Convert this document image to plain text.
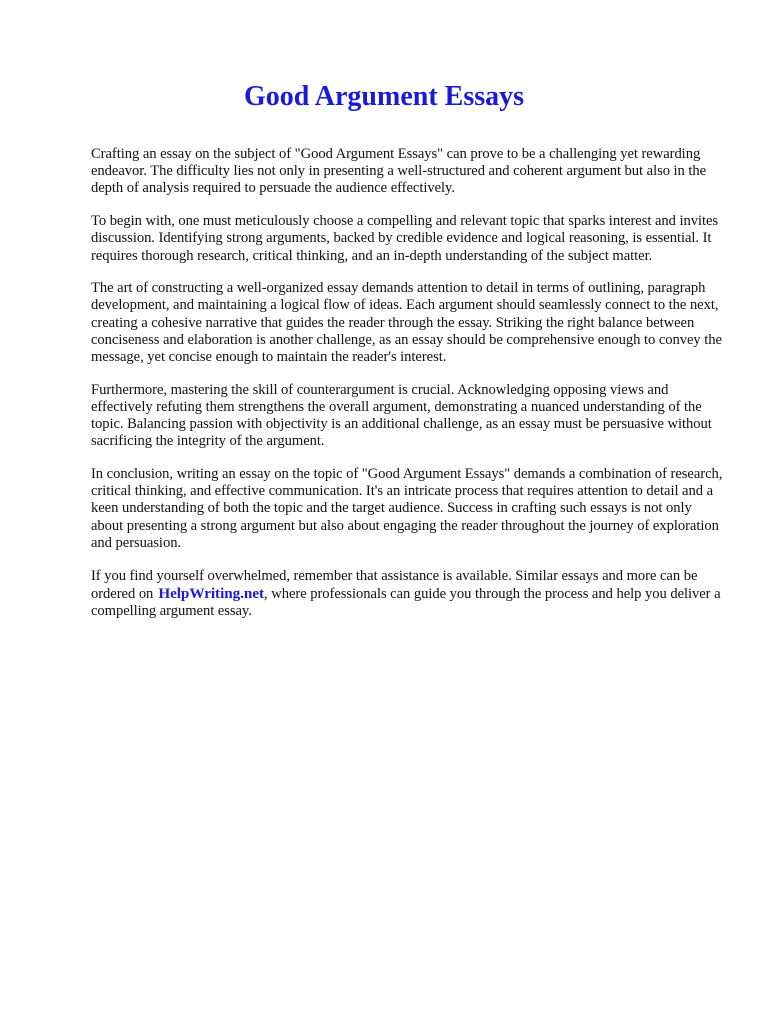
Good Argument Essays

Crafting an essay on the subject of "Good Argument Essays" can prove to be a challenging yet rewarding endeavor. The difficulty lies not only in presenting a well-structured and coherent argument but also in the depth of analysis required to persuade the audience effectively.

To begin with, one must meticulously choose a compelling and relevant topic that sparks interest and invites discussion. Identifying strong arguments, backed by credible evidence and logical reasoning, is essential. It requires thorough research, critical thinking, and an in-depth understanding of the subject matter.

The art of constructing a well-organized essay demands attention to detail in terms of outlining, paragraph development, and maintaining a logical flow of ideas. Each argument should seamlessly connect to the next, creating a cohesive narrative that guides the reader through the essay. Striking the right balance between conciseness and elaboration is another challenge, as an essay should be comprehensive enough to convey the message, yet concise enough to maintain the reader's interest.

Furthermore, mastering the skill of counterargument is crucial. Acknowledging opposing views and effectively refuting them strengthens the overall argument, demonstrating a nuanced understanding of the topic. Balancing passion with objectivity is an additional challenge, as an essay must be persuasive without sacrificing the integrity of the argument.

In conclusion, writing an essay on the topic of "Good Argument Essays" demands a combination of research, critical thinking, and effective communication. It's an intricate process that requires attention to detail and a keen understanding of both the topic and the target audience. Success in crafting such essays is not only about presenting a strong argument but also about engaging the reader throughout the journey of exploration and persuasion.

If you find yourself overwhelmed, remember that assistance is available. Similar essays and more can be ordered on HelpWriting.net, where professionals can guide you through the process and help you deliver a compelling argument essay.
